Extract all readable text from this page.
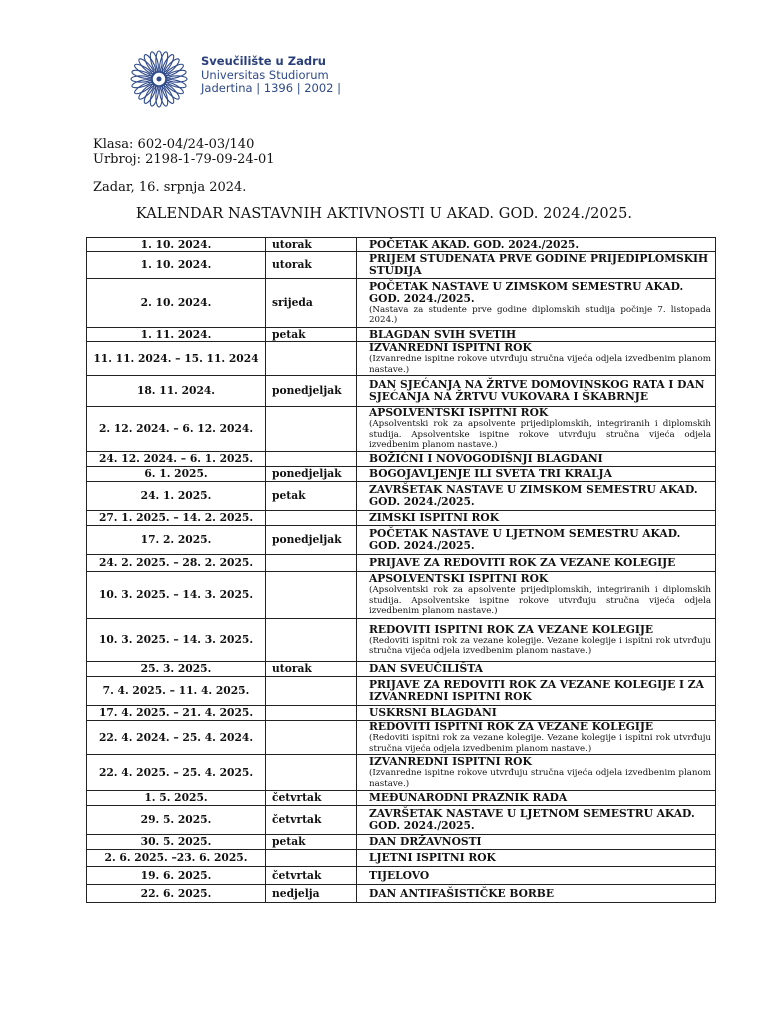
Sveučilište u Zadru
Universitas Studiorum
Jadertina | 1396 | 2002 |
Klasa: 602-04/24-03/140
Urbroj: 2198-1-79-09-24-01
Zadar, 16. srpnja 2024.
KALENDAR NASTAVNIH AKTIVNOSTI U AKAD. GOD. 2024./2025.
1. 10. 2024.	utorak	POČETAK AKAD. GOD. 2024./2025.
1. 10. 2024.	utorak	PRIJEM STUDENATA PRVE GODINE PRIJEDIPLOMSKIH STUDIJA
2. 10. 2024.	srijeda	POČETAK NASTAVE U ZIMSKOM SEMESTRU AKAD. GOD. 2024./2025.
(Nastava za studente prve godine diplomskih studija počinje 7. listopada 2024.)

1. 11. 2024.	petak	BLAGDAN SVIH SVETIH
11. 11. 2024. – 15. 11. 2024		IZVANREDNI ISPITNI ROK
(Izvanredne ispitne rokove utvrđuju stručna vijeća odjela izvedbenim planom nastave.)

18. 11. 2024.	ponedjeljak	DAN SJEĆANJA NA ŽRTVE DOMOVINSKOG RATA I DAN SJEĆANJA NA ŽRTVU VUKOVARA I ŠKABRNJE
2. 12. 2024. – 6. 12. 2024.		APSOLVENTSKI ISPITNI ROK
(Apsolventski rok za apsolvente prijediplomskih, integriranih i diplomskih studija. Apsolventske ispitne rokove utvrđuju stručna vijeća odjela izvedbenim planom nastave.)

24. 12. 2024. – 6. 1. 2025.		BOŽIĆNI I NOVOGODIŠNJI BLAGDANI
6. 1. 2025.	ponedjeljak	BOGOJAVLJENJE ILI SVETA TRI KRALJA
24. 1. 2025.	petak	ZAVRŠETAK NASTAVE U ZIMSKOM SEMESTRU AKAD. GOD. 2024./2025.
27. 1. 2025. – 14. 2. 2025.		ZIMSKI ISPITNI ROK
17. 2. 2025.	ponedjeljak	POČETAK NASTAVE U LJETNOM SEMESTRU AKAD. GOD. 2024./2025.
24. 2. 2025. – 28. 2. 2025.		PRIJAVE ZA REDOVITI ROK ZA VEZANE KOLEGIJE
10. 3. 2025. – 14. 3. 2025.		APSOLVENTSKI ISPITNI ROK
(Apsolventski rok za apsolvente prijediplomskih, integriranih i diplomskih studija. Apsolventske ispitne rokove utvrđuju stručna vijeća odjela izvedbenim planom nastave.)

10. 3. 2025. – 14. 3. 2025.		REDOVITI ISPITNI ROK ZA VEZANE KOLEGIJE
(Redoviti ispitni rok za vezane kolegije. Vezane kolegije i ispitni rok utvrđuju stručna vijeća odjela izvedbenim planom nastave.)

25. 3. 2025.	utorak	DAN SVEUČILIŠTA
7. 4. 2025. – 11. 4. 2025.		PRIJAVE ZA REDOVITI ROK ZA VEZANE KOLEGIJE I ZA IZVANREDNI ISPITNI ROK
17. 4. 2025. – 21. 4. 2025.		USKRSNI BLAGDANI
22. 4. 2024. – 25. 4. 2024.		REDOVITI ISPITNI ROK ZA VEZANE KOLEGIJE
(Redoviti ispitni rok za vezane kolegije. Vezane kolegije i ispitni rok utvrđuju stručna vijeća odjela izvedbenim planom nastave.)

22. 4. 2025. – 25. 4. 2025.		IZVANREDNI ISPITNI ROK
(Izvanredne ispitne rokove utvrđuju stručna vijeća odjela izvedbenim planom nastave.)

1. 5. 2025.	četvrtak	MEĐUNARODNI PRAZNIK RADA
29. 5. 2025.	četvrtak	ZAVRŠETAK NASTAVE U LJETNOM SEMESTRU AKAD. GOD. 2024./2025.
30. 5. 2025.	petak	DAN DRŽAVNOSTI
2. 6. 2025. –23. 6. 2025.		LJETNI ISPITNI ROK
19. 6. 2025.	četvrtak	TIJELOVO
22. 6. 2025.	nedjelja	DAN ANTIFAŠISTIČKE BORBE
